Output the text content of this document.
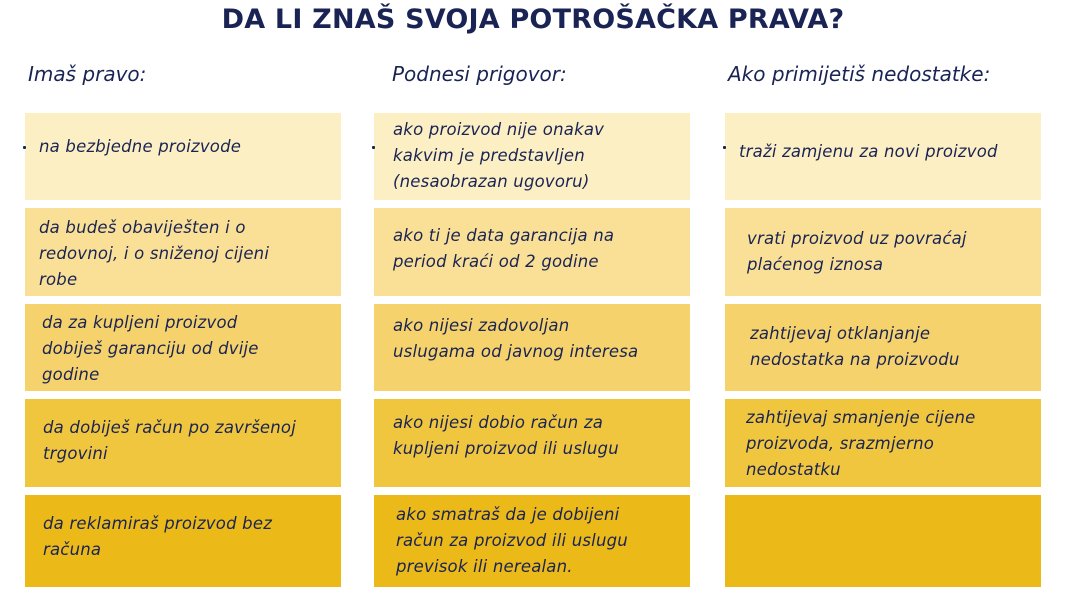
DA LI ZNAŠ SVOJA POTROŠAČKA PRAVA?
Imaš pravo:	Podnesi prigovor:	Ako primijetiš nedostatke:
na bezbjedne proizvode
da budeš obaviješten i o
redovnoj, i o sniženoj cijeni
robe
da za kupljeni proizvod
dobiješ garanciju od dvije
godine
da dobiješ račun po završenoj
trgovini
da reklamiraš proizvod bez
računa
ako proizvod nije onakav
kakvim je predstavljen
(nesaobrazan ugovoru)
ako ti je data garancija na
period kraći od 2 godine
ako nijesi zadovoljan
uslugama od javnog interesa
ako nijesi dobio račun za
kupljeni proizvod ili uslugu
ako smatraš da je dobijeni
račun za proizvod ili uslugu
previsok ili nerealan.
traži zamjenu za novi proizvod
vrati proizvod uz povraćaj
plaćenog iznosa
zahtijevaj otklanjanje
nedostatka na proizvodu
zahtijevaj smanjenje cijene
proizvoda, srazmjerno
nedostatku
